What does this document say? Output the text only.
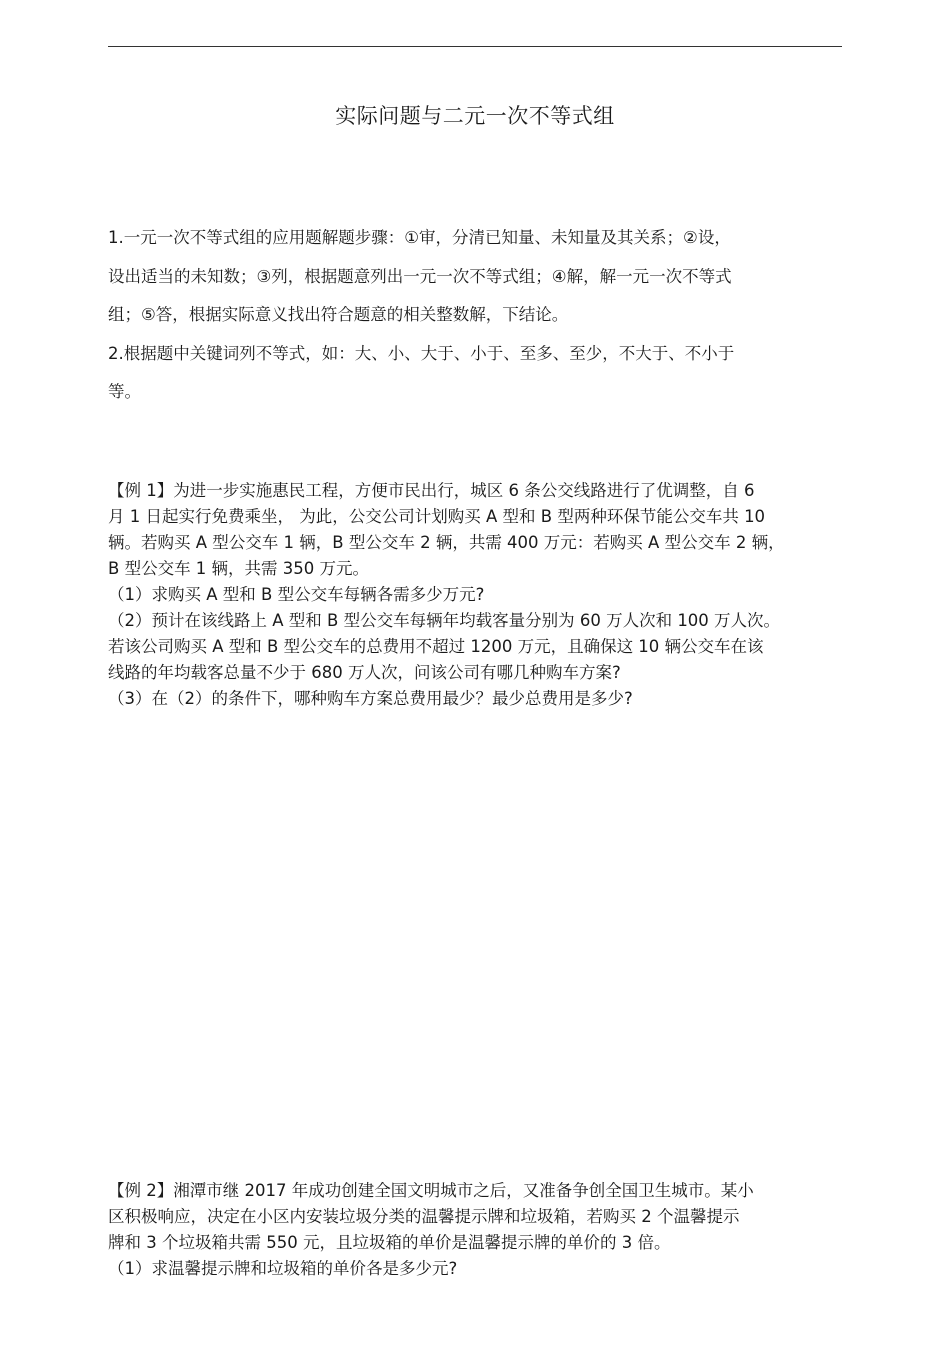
实际问题与二元一次不等式组
1.一元一次不等式组的应用题解题步骤：①审，分清已知量、未知量及其关系；②设，
设出适当的未知数；③列，根据题意列出一元一次不等式组；④解，解一元一次不等式
组；⑤答，根据实际意义找出符合题意的相关整数解，下结论。
2.根据题中关键词列不等式，如：大、小、大于、小于、至多、至少，不大于、不小于
等。
【例 1】为进一步实施惠民工程，方便市民出行，城区 6 条公交线路进行了优调整，自 6
月 1 日起实行免费乘坐， 为此，公交公司计划购买 A 型和 B 型两种环保节能公交车共 10
辆。若购买 A 型公交车 1 辆，B 型公交车 2 辆，共需 400 万元：若购买 A 型公交车 2 辆，
B 型公交车 1 辆，共需 350 万元。
（1）求购买 A 型和 B 型公交车每辆各需多少万元?
（2）预计在该线路上 A 型和 B 型公交车每辆年均载客量分别为 60 万人次和 100 万人次。
若该公司购买 A 型和 B 型公交车的总费用不超过 1200 万元，且确保这 10 辆公交车在该
线路的年均载客总量不少于 680 万人次，问该公司有哪几种购车方案?
（3）在（2）的条件下，哪种购车方案总费用最少？最少总费用是多少?
【例 2】湘潭市继 2017 年成功创建全国文明城市之后，又准备争创全国卫生城市。某小
区积极响应，决定在小区内安装垃圾分类的温馨提示牌和垃圾箱，若购买 2 个温馨提示
牌和 3 个垃圾箱共需 550 元，且垃圾箱的单价是温馨提示牌的单价的 3 倍。
（1）求温馨提示牌和垃圾箱的单价各是多少元?
